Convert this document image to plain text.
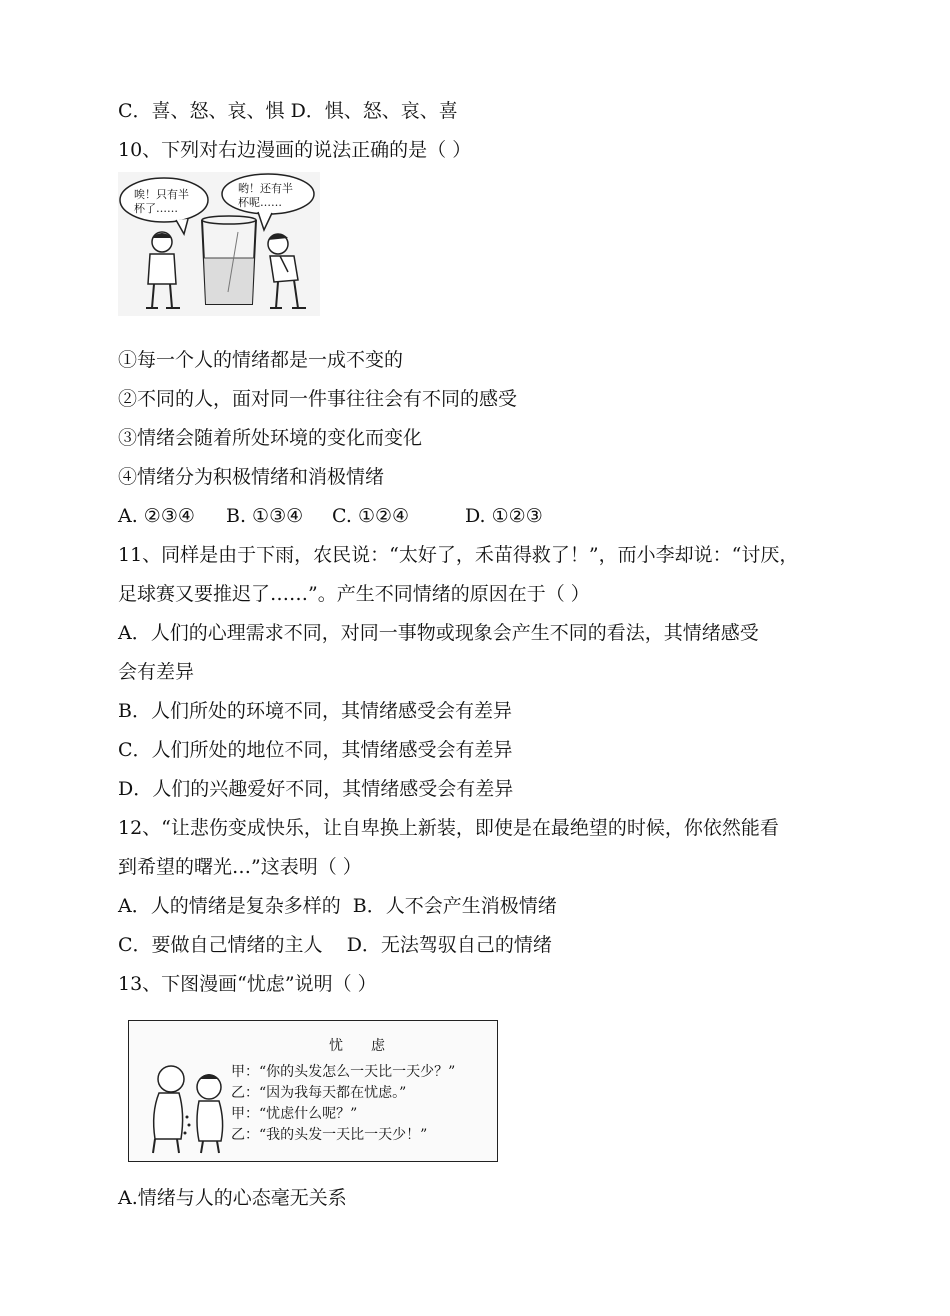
C．喜、怒、哀、惧 D．惧、怒、哀、喜
10、下列对右边漫画的说法正确的是（ ）
唉！只有半
杯了……
哟！还有半
杯呢……
①每一个人的情绪都是一成不变的
②不同的人，面对同一件事往往会有不同的感受
③情绪会随着所处环境的变化而变化
④情绪分为积极情绪和消极情绪
A. ②③④ B. ①③④ C. ①②④	D. ①②③
11、同样是由于下雨，农民说：“太好了，禾苗得救了！”，而小李却说：“讨厌，
足球赛又要推迟了……”。产生不同情绪的原因在于（ ）
A．人们的心理需求不同，对同一事物或现象会产生不同的看法，其情绪感受
会有差异
B．人们所处的环境不同，其情绪感受会有差异
C．人们所处的地位不同，其情绪感受会有差异
D．人们的兴趣爱好不同，其情绪感受会有差异
12、“让悲伤变成快乐，让自卑换上新装，即使是在最绝望的时候，你依然能看
到希望的曙光…”这表明（ ）
A．人的情绪是复杂多样的  B．人不会产生消极情绪
C．要做自己情绪的主人    D．无法驾驭自己的情绪
13、下图漫画“忧虑”说明（ ）
忧虑
甲：“你的头发怎么一天比一天少？”
乙：“因为我每天都在忧虑。”
甲：“忧虑什么呢？”
乙：“我的头发一天比一天少！”
A.情绪与人的心态毫无关系
